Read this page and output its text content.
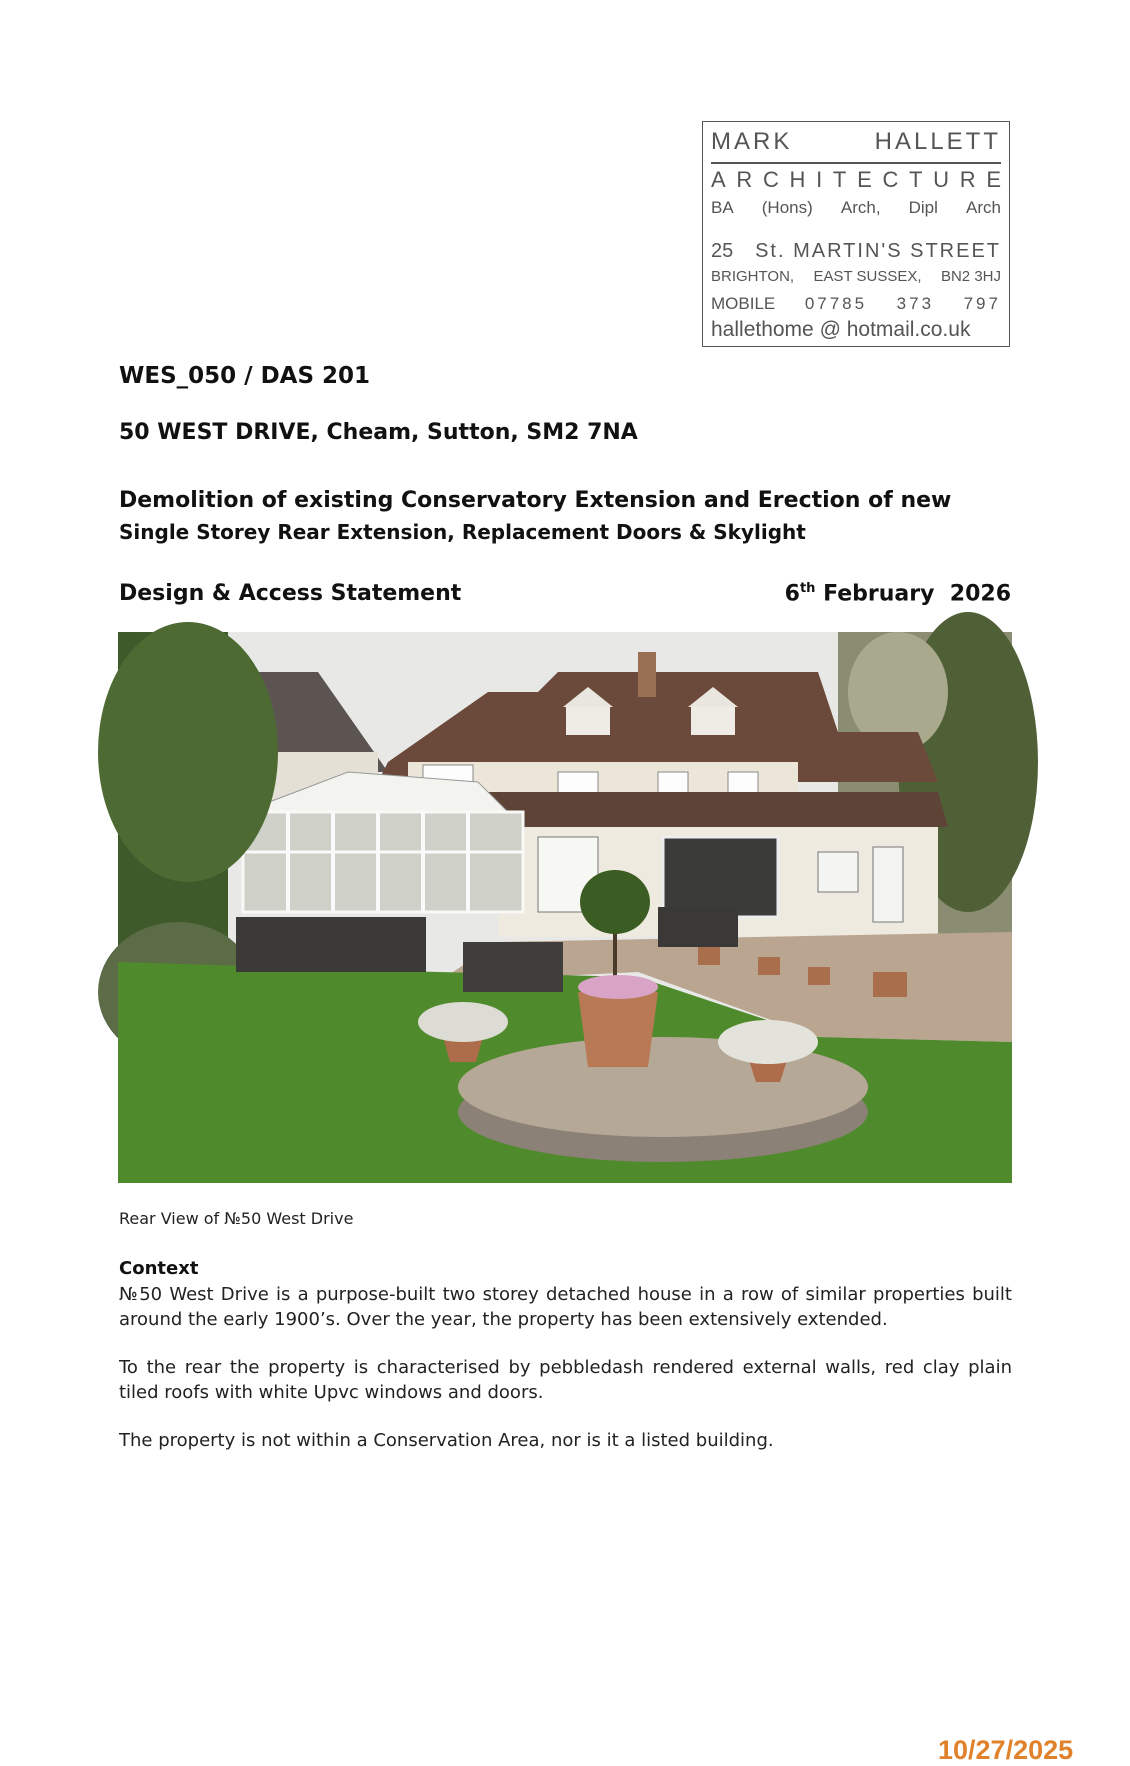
MARK	HALLETT
A R C H I T E C T U R E
BA (Hons) Arch, Dipl Arch
25 St. MARTIN'S STREET
BRIGHTON, EAST SUSSEX, BN2 3HJ
MOBILE 07785 373 797
hallethome @ hotmail.co.uk
WES_050 / DAS 201
50 WEST DRIVE, Cheam, Sutton, SM2 7NA
Demolition of existing Conservatory Extension and Erection of new
Single Storey Rear Extension, Replacement Doors & Skylight
Design & Access Statement	6th February  2026
10/27/2025
Rear View of №50 West Drive
Context
№50 West Drive is a purpose-built two storey detached house in a row of similar properties built around the early 1900’s. Over the year, the property has been extensively extended.
To the rear the property is characterised by pebbledash rendered external walls, red clay plain tiled roofs with white Upvc windows and doors.
The property is not within a Conservation Area, nor is it a listed building.
